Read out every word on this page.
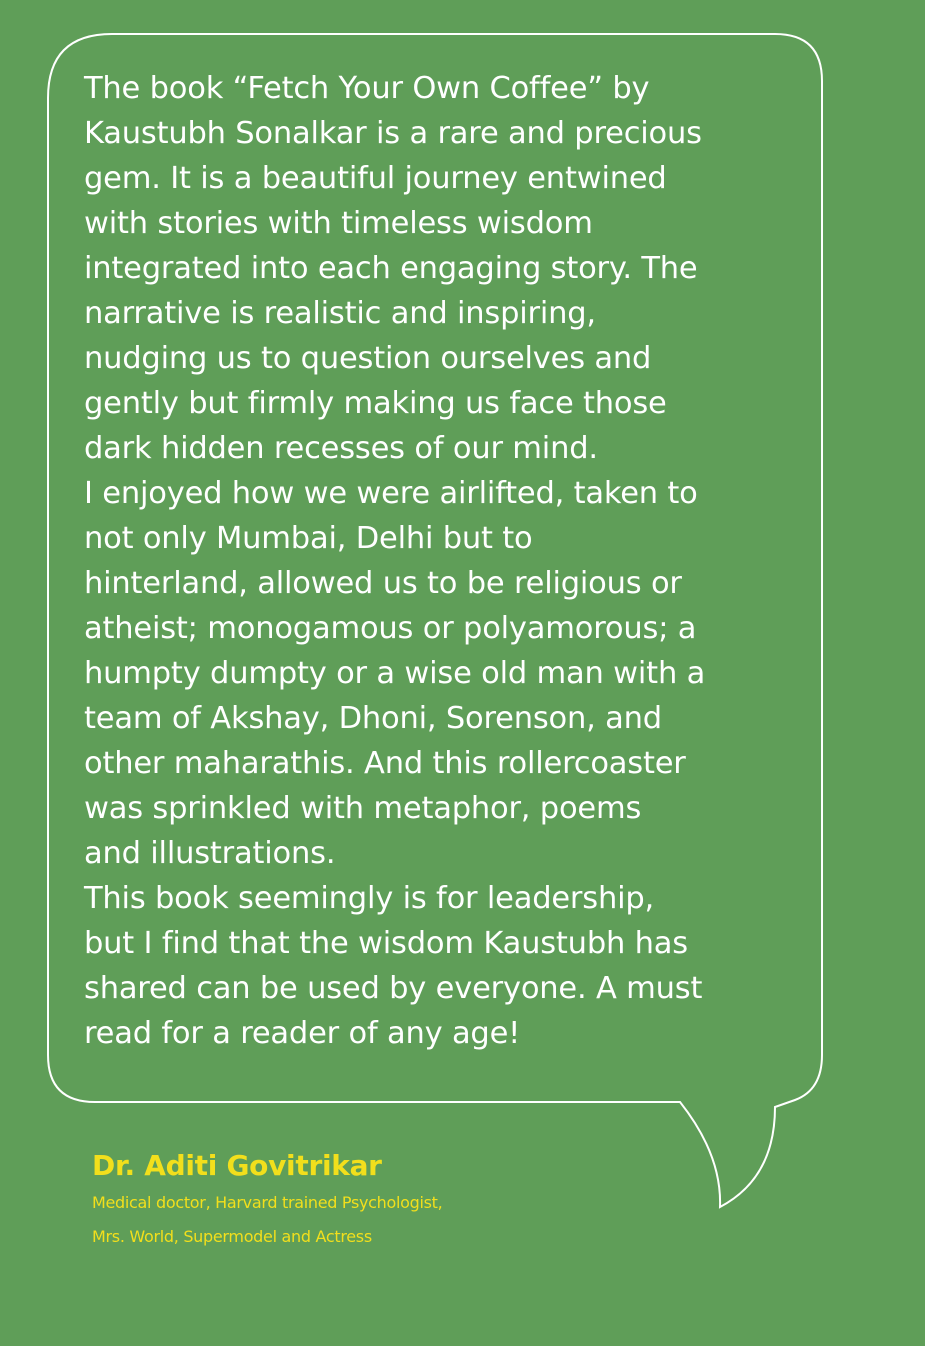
The book “Fetch Your Own Coffee” by
Kaustubh Sonalkar is a rare and precious
gem. It is a beautiful journey entwined
with stories with timeless wisdom
integrated into each engaging story. The
narrative is realistic and inspiring,
nudging us to question ourselves and
gently but firmly making us face those
dark hidden recesses of our mind.
I enjoyed how we were airlifted, taken to
not only Mumbai, Delhi but to
hinterland, allowed us to be religious or
atheist; monogamous or polyamorous; a
humpty dumpty or a wise old man with a
team of Akshay, Dhoni, Sorenson, and
other maharathis. And this rollercoaster
was sprinkled with metaphor, poems
and illustrations.
This book seemingly is for leadership,
but I find that the wisdom Kaustubh has
shared can be used by everyone. A must
read for a reader of any age!

Dr. Aditi Govitrikar

Medical doctor, Harvard trained Psychologist,
Mrs. World, Supermodel and Actress
